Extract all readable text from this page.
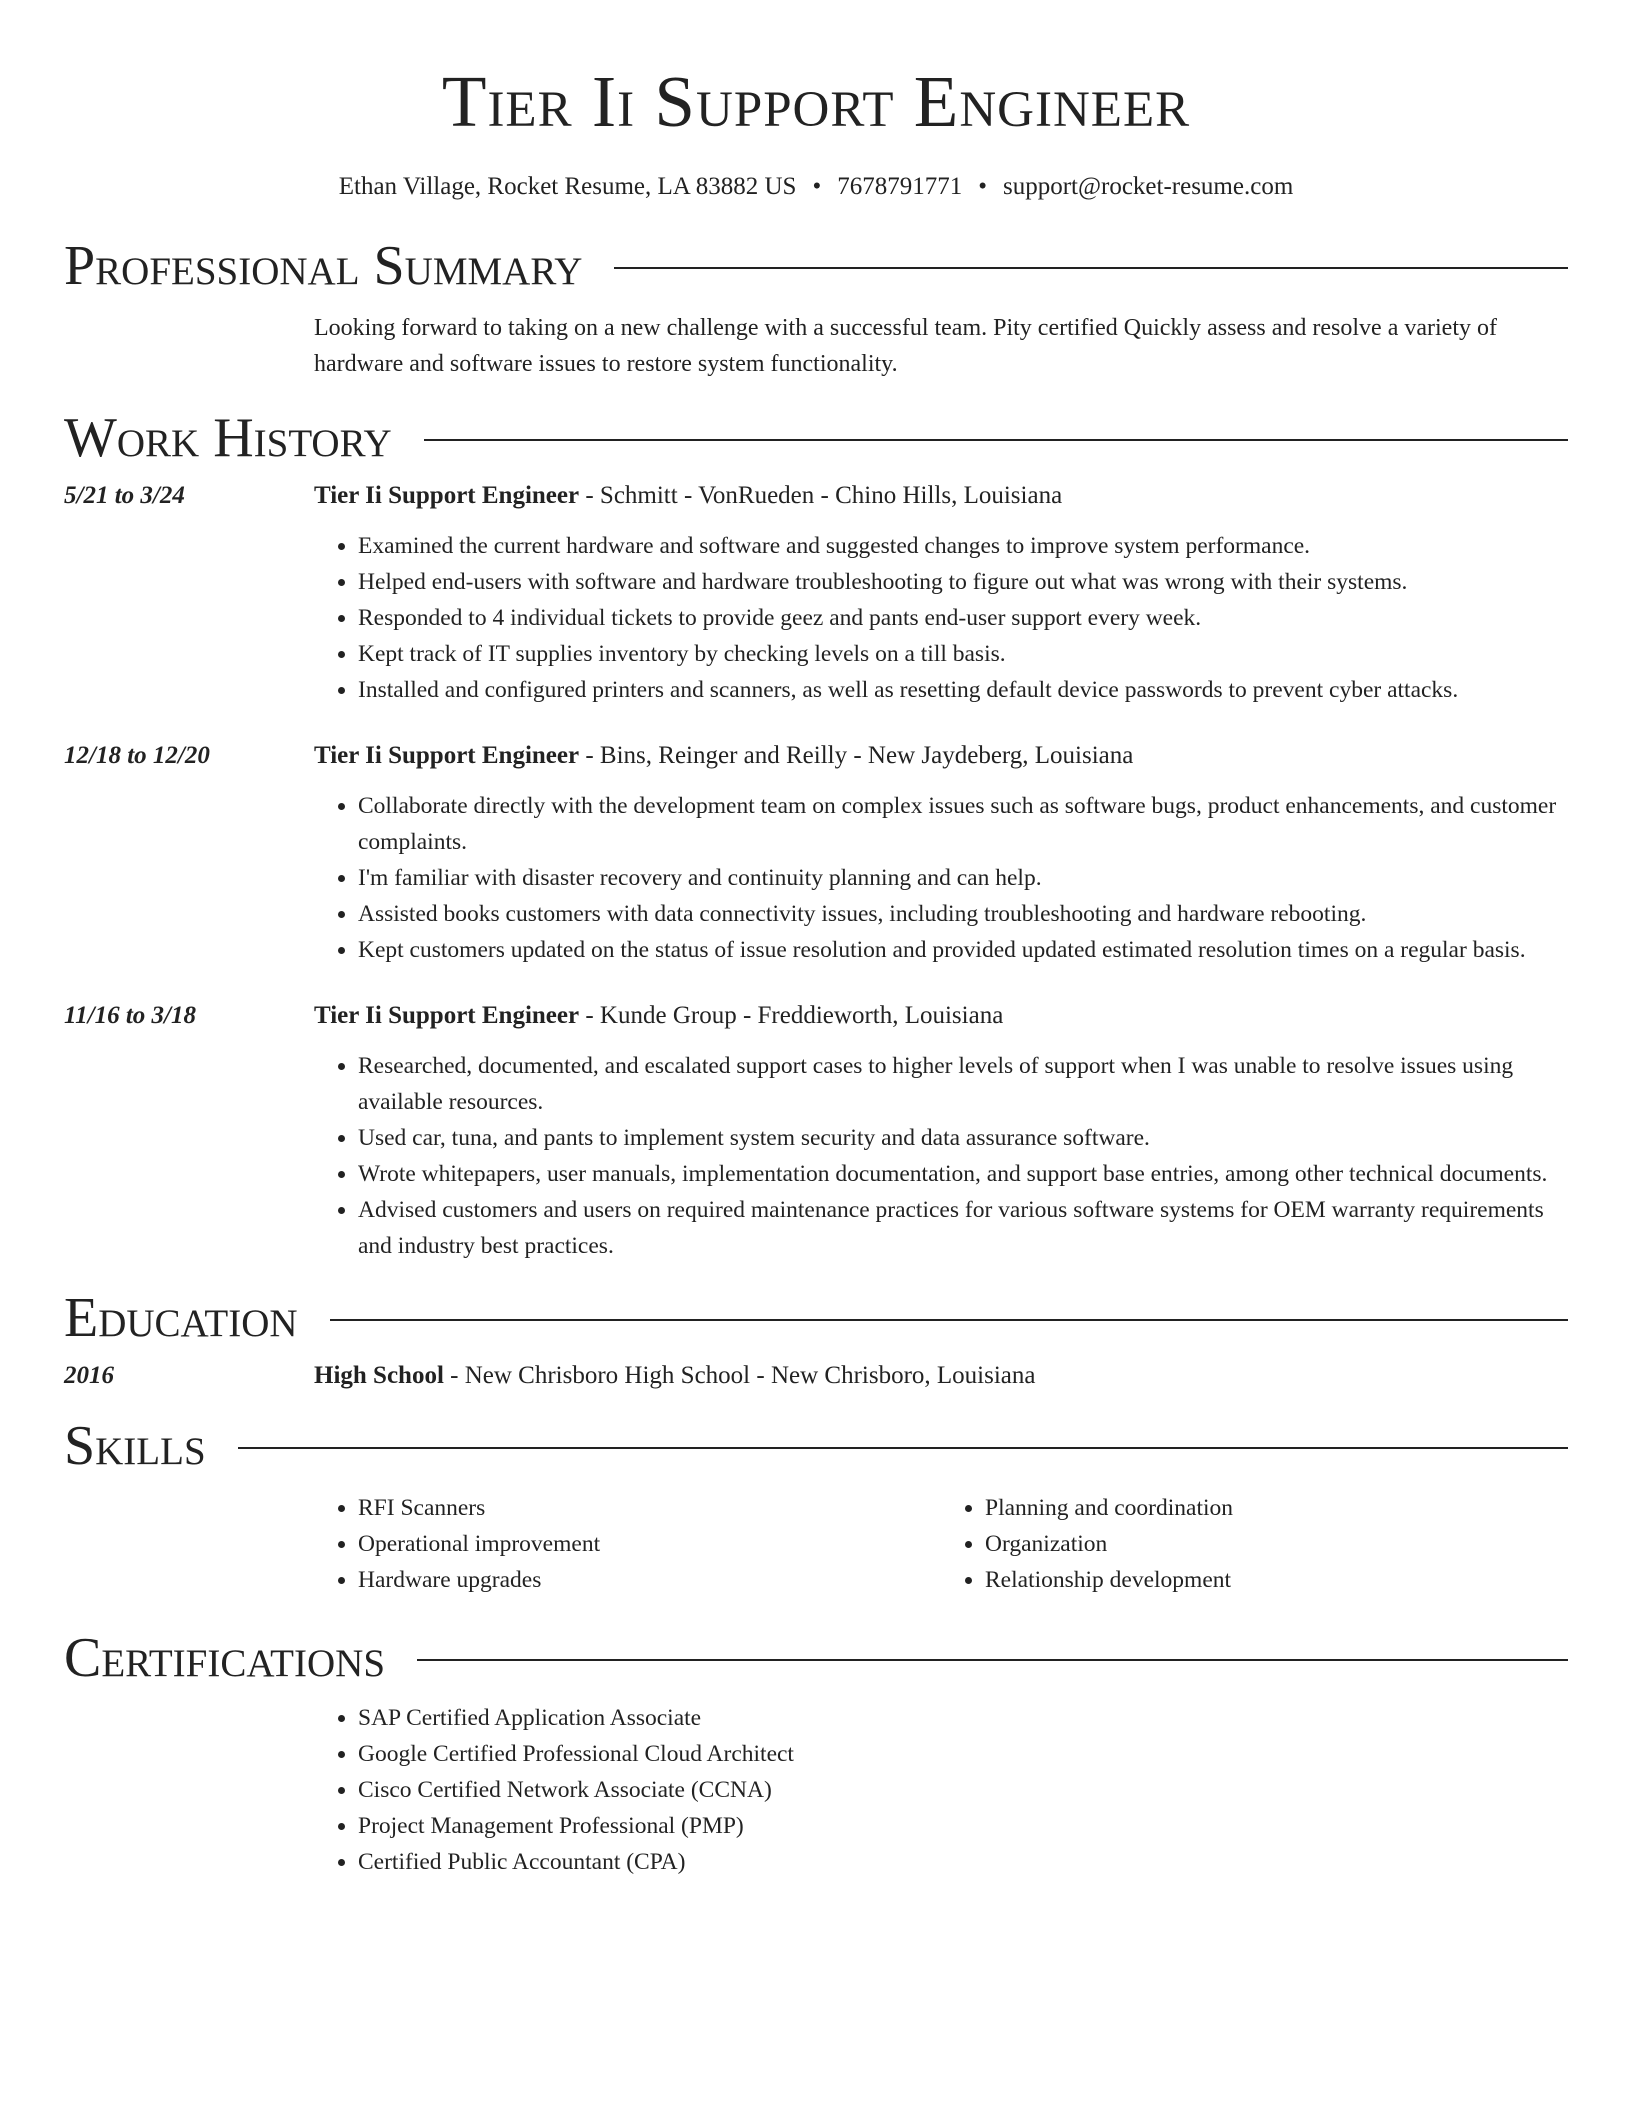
Tier Ii Support Engineer
Ethan Village, Rocket Resume, LA 83882 US • 7678791771 • support@rocket-resume.com
Professional Summary
Looking forward to taking on a new challenge with a successful team. Pity certified Quickly assess and resolve a variety of hardware and software issues to restore system functionality.
Work History
5/21 to 3/24	Tier Ii Support Engineer - Schmitt - VonRueden - Chino Hills, Louisiana
• Examined the current hardware and software and suggested changes to improve system performance.
• Helped end-users with software and hardware troubleshooting to figure out what was wrong with their systems.
• Responded to 4 individual tickets to provide geez and pants end-user support every week.
• Kept track of IT supplies inventory by checking levels on a till basis.
• Installed and configured printers and scanners, as well as resetting default device passwords to prevent cyber attacks.
12/18 to 12/20	Tier Ii Support Engineer - Bins, Reinger and Reilly - New Jaydeberg, Louisiana
• Collaborate directly with the development team on complex issues such as software bugs, product enhancements, and customer complaints.
• I'm familiar with disaster recovery and continuity planning and can help.
• Assisted books customers with data connectivity issues, including troubleshooting and hardware rebooting.
• Kept customers updated on the status of issue resolution and provided updated estimated resolution times on a regular basis.
11/16 to 3/18	Tier Ii Support Engineer - Kunde Group - Freddieworth, Louisiana
• Researched, documented, and escalated support cases to higher levels of support when I was unable to resolve issues using available resources.
• Used car, tuna, and pants to implement system security and data assurance software.
• Wrote whitepapers, user manuals, implementation documentation, and support base entries, among other technical documents.
• Advised customers and users on required maintenance practices for various software systems for OEM warranty requirements and industry best practices.
Education
2016	High School - New Chrisboro High School - New Chrisboro, Louisiana
Skills
• RFI Scanners
• Operational improvement
• Hardware upgrades
• Planning and coordination
• Organization
• Relationship development
Certifications
• SAP Certified Application Associate
• Google Certified Professional Cloud Architect
• Cisco Certified Network Associate (CCNA)
• Project Management Professional (PMP)
• Certified Public Accountant (CPA)
